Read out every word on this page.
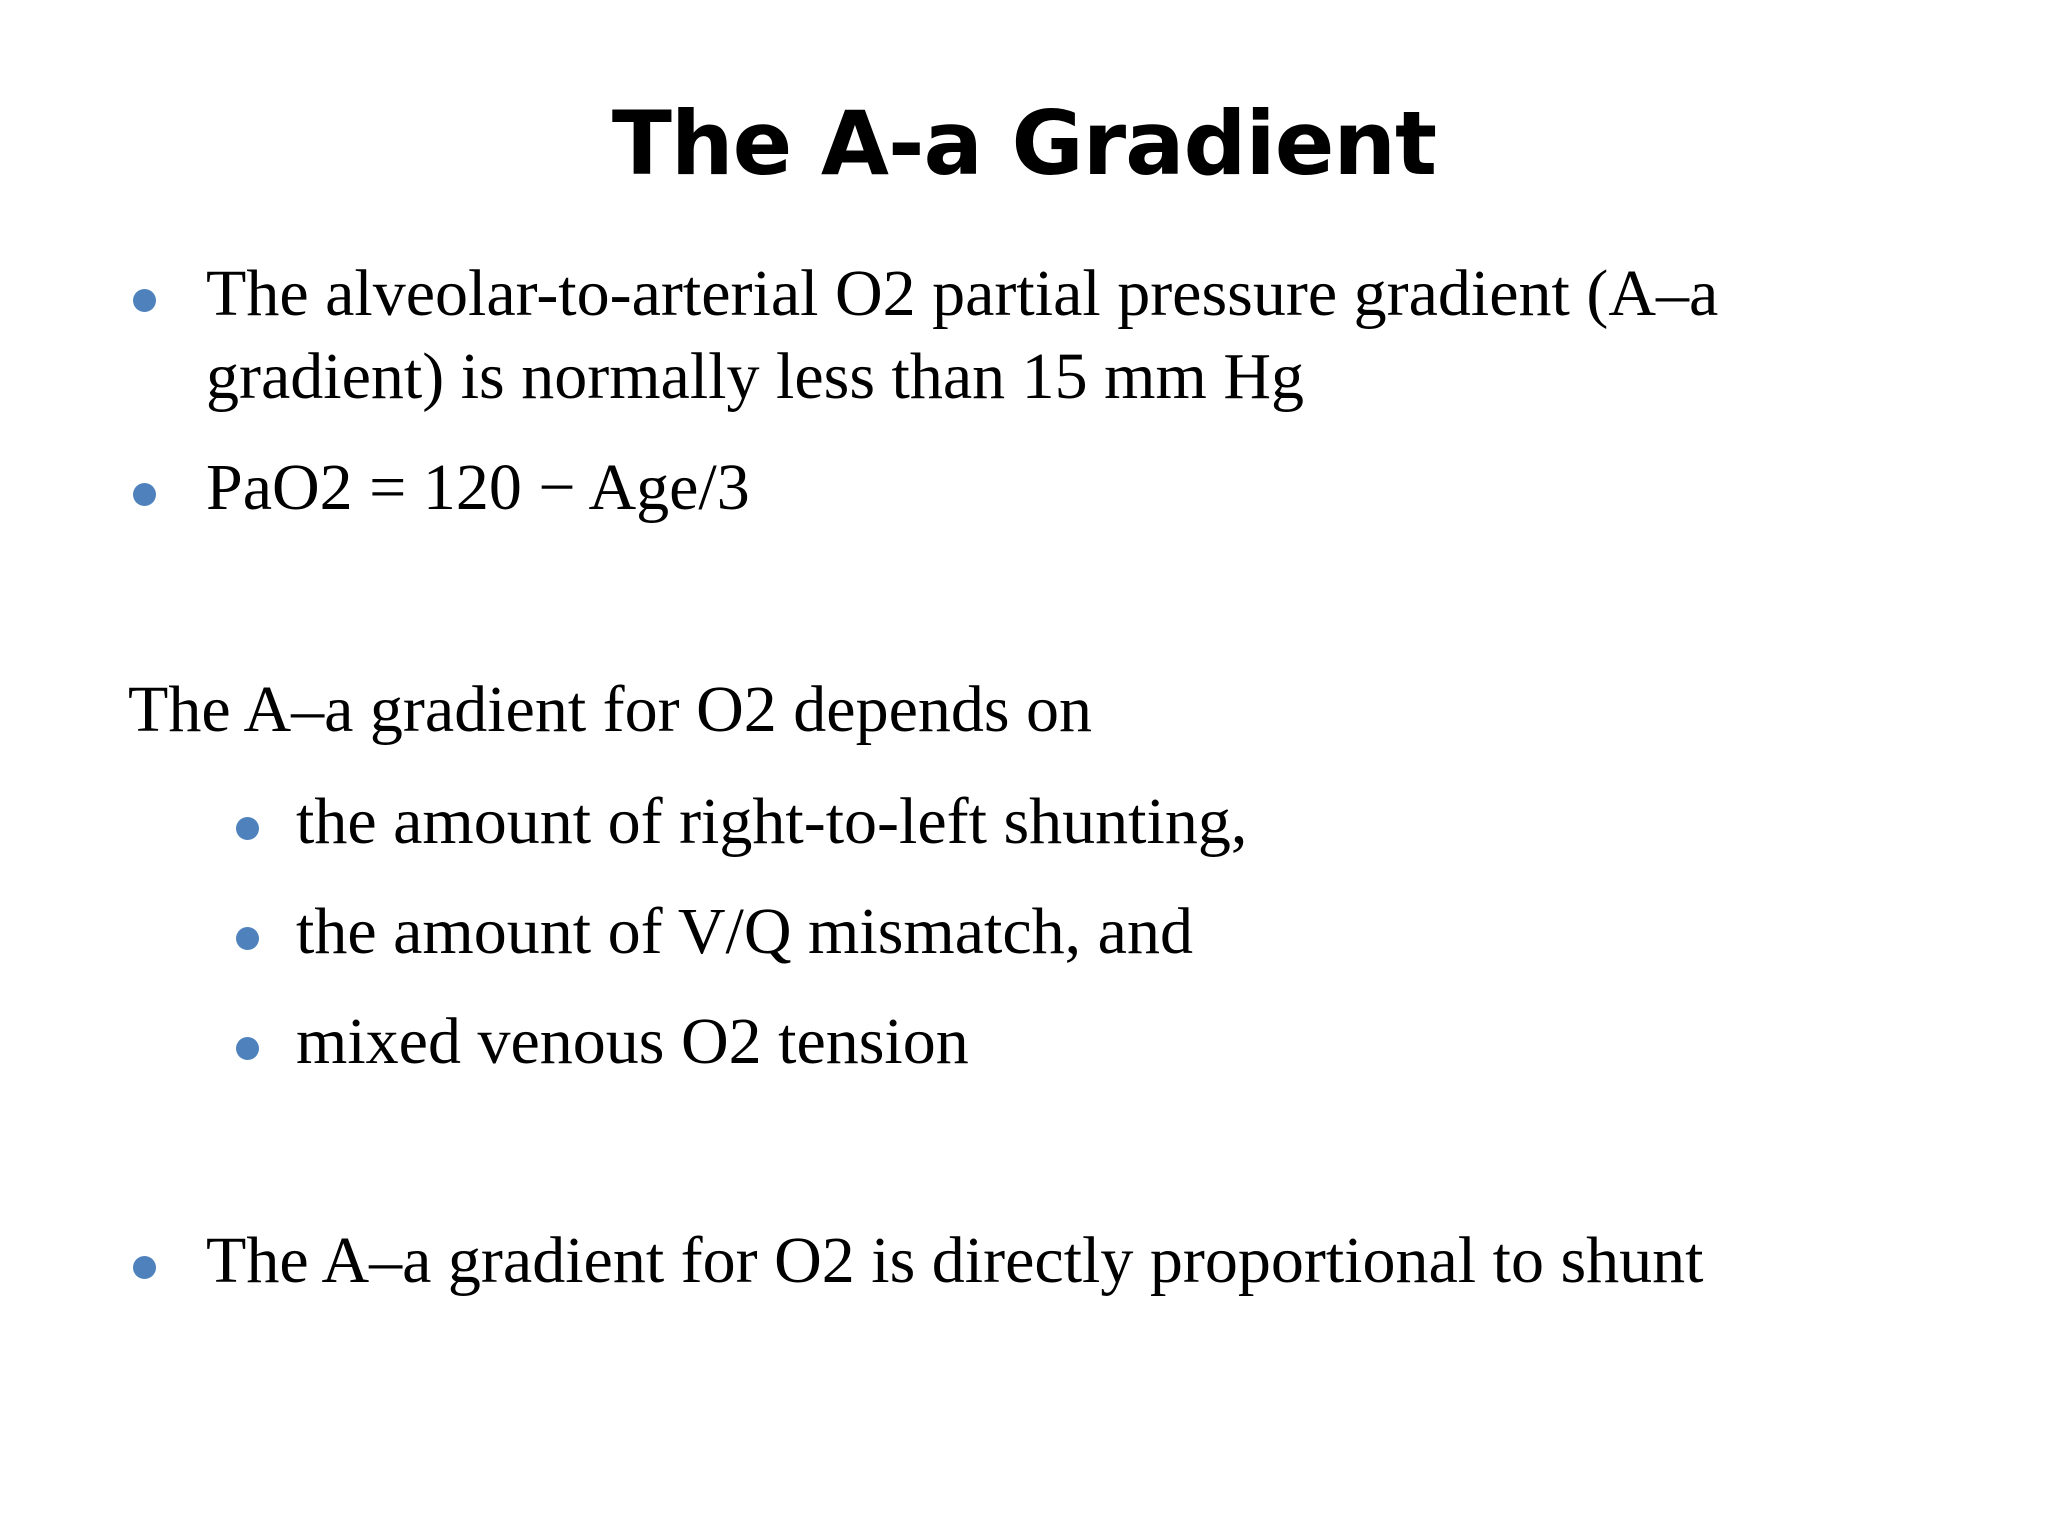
The A-a Gradient
The alveolar-to-arterial O2 partial pressure gradient (A–a
gradient) is normally less than 15 mm Hg
PaO2 = 120 − Age/3
The A–a gradient for O2 depends on
the amount of right-to-left shunting,
the amount of V/Q mismatch, and
mixed venous O2 tension
The A–a gradient for O2 is directly proportional to shunt
